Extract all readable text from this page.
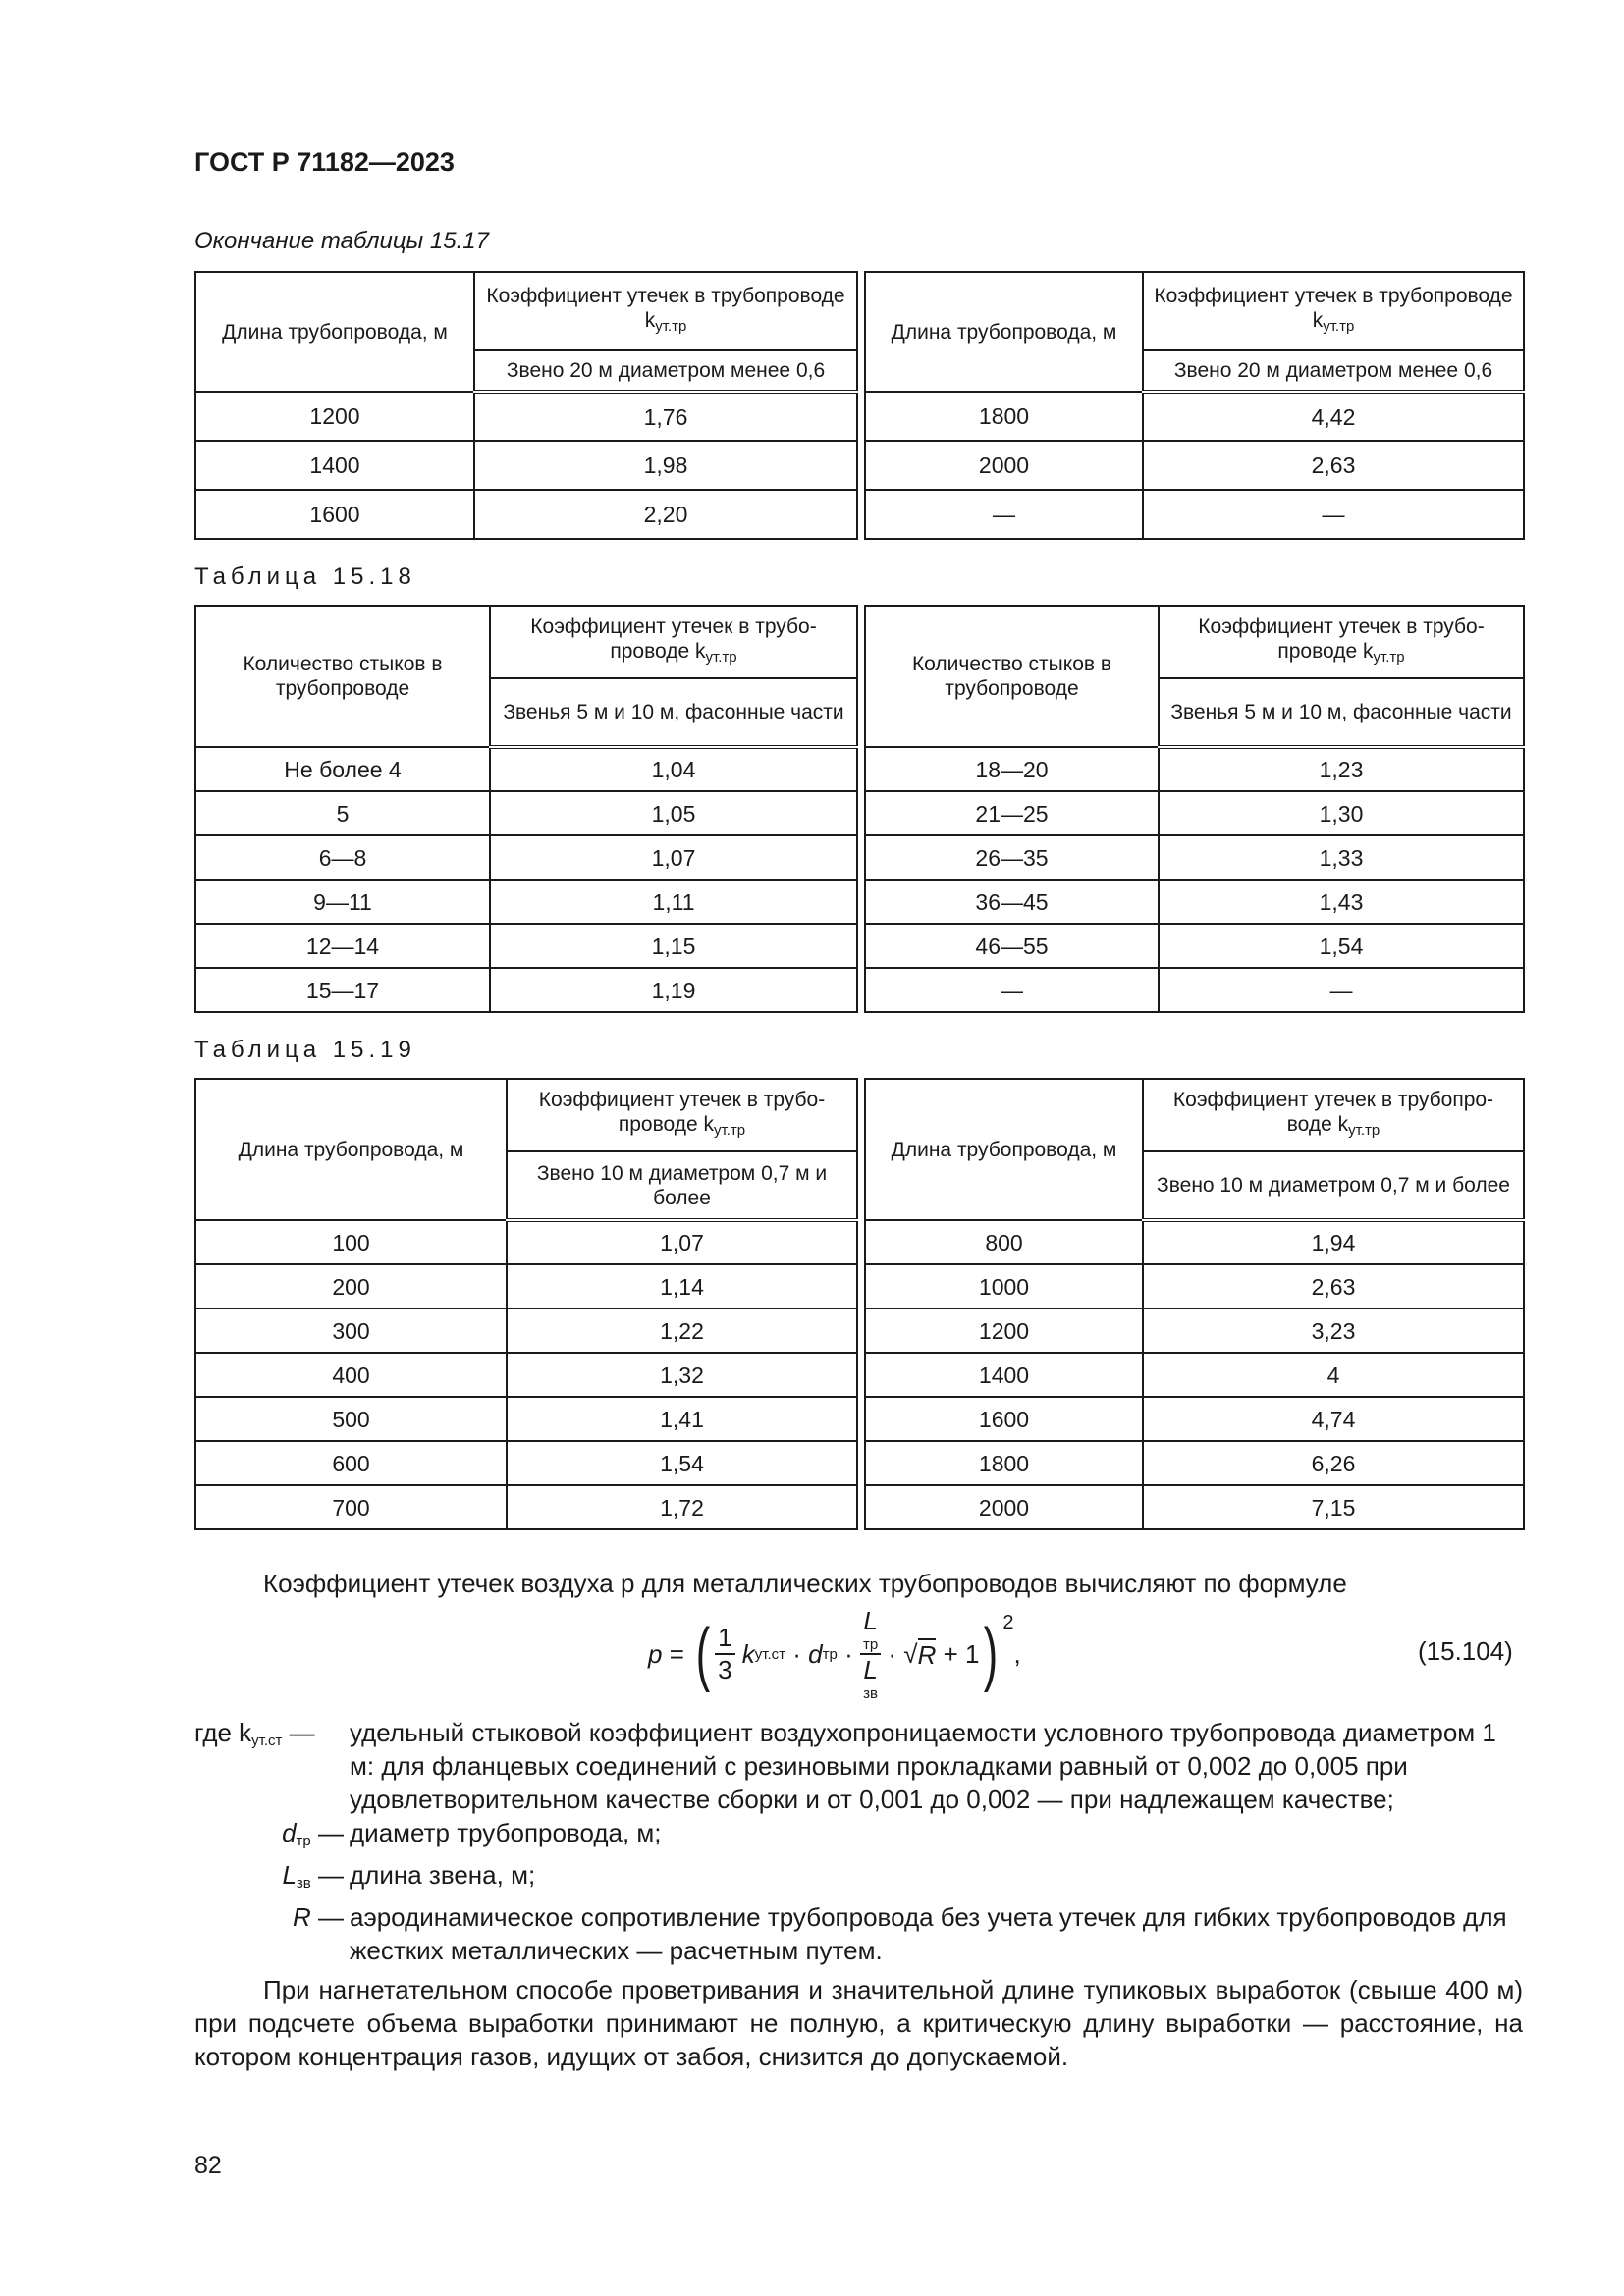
ГОСТ Р 71182—2023
Окончание таблицы 15.17
Длина трубопровода, м	Коэффициент утечек в трубопроводе $k_{ут.тр}$		Длина трубопровода, м	Коэффициент утечек в трубопроводе $k_{ут.тр}$
	Звено 20 м диаметром менее 0,6			Звено 20 м диаметром менее 0,6
1200	1,76		1800	4,42
1400	1,98		2000	2,63
1600	2,20		—	—
Таблица 15.18
Количество стыков в трубопроводе	Коэффициент утечек в трубо-проводе $k_{ут.тр}$		Количество стыков в трубопроводе	Коэффициент утечек в трубо-проводе $k_{ут.тр}$
	Звенья 5 м и 10 м, фасонные части			Звенья 5 м и 10 м, фасонные части
Не более 4	1,04		18—20	1,23
5	1,05		21—25	1,30
6—8	1,07		26—35	1,33
9—11	1,11		36—45	1,43
12—14	1,15		46—55	1,54
15—17	1,19		—	—
Таблица 15.19
Длина трубопровода, м	Коэффициент утечек в трубо-проводе $k_{ут.тр}$		Длина трубопровода, м	Коэффициент утечек в трубопро-воде $k_{ут.тр}$
	Звено 10 м диаметром 0,7 м и более			Звено 10 м диаметром 0,7 м и более
100	1,07		800	1,94
200	1,14		1000	2,63
300	1,22		1200	3,23
400	1,32		1400	4
500	1,41		1600	4,74
600	1,54		1800	6,26
700	1,72		2000	7,15
Коэффициент утечек воздуха p для металлических трубопроводов вычисляют по формуле
p = ( $\frac{1}{3}$ k ут.ст · d тр · L
тр
L
зв · √ R + 1 ) 2
,	(15.104)
где $k_{ут.ст}$ —	удельный стыковой коэффициент воздухопроницаемости условного трубопровода диаметром 1 м: для фланцевых соединений с резиновыми прокладками равный от 0,002 до 0,005 при удовлетворительном качестве сборки и от 0,001 до 0,002 — при надлежащем качестве;
$d_{тр}$ — диаметр трубопровода, м;
$L_{зв}$ — длина звена, м;
R — аэродинамическое сопротивление трубопровода без учета утечек для гибких трубопроводов для жестких металлических — расчетным путем.
При нагнетательном способе проветривания и значительной длине тупиковых выработок (свыше 400 м) при подсчете объема выработки принимают не полную, а критическую длину выработки — расстояние, на котором концентрация газов, идущих от забоя, снизится до допускаемой.
82
